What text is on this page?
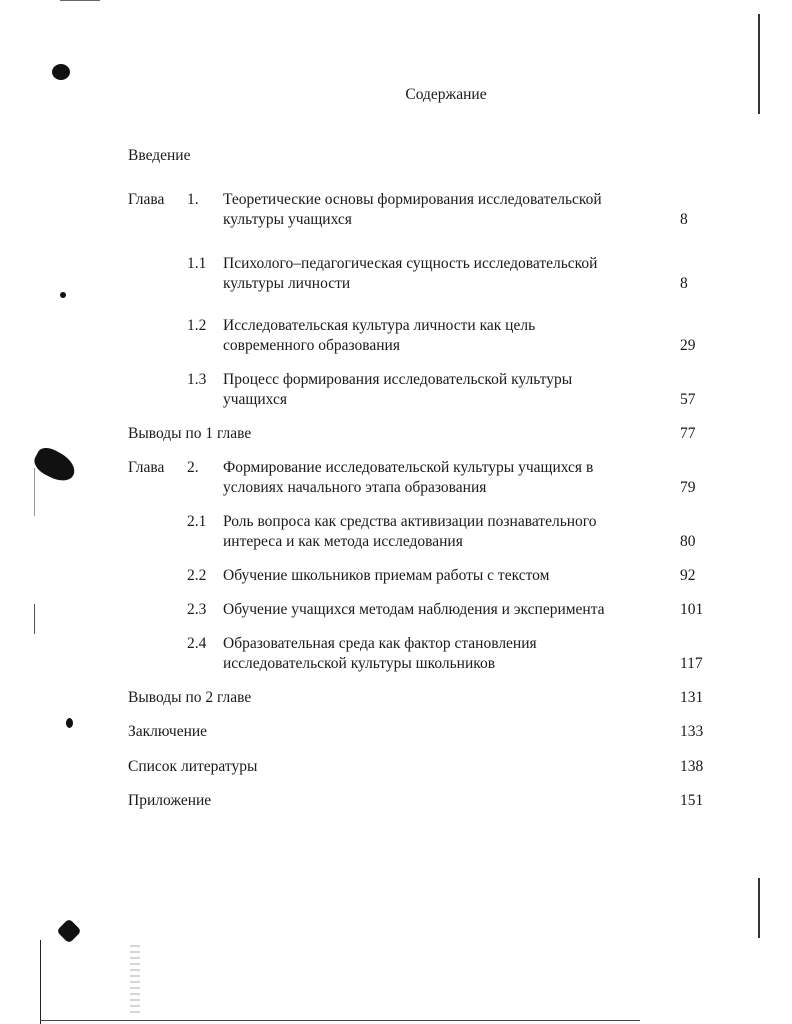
Содержание
Введение
Глава 1. Теоретические основы формирования исследовательской
культуры учащихся	8
1.1 Психолого–педагогическая сущность исследовательской
культуры личности	8
1.2 Исследовательская культура личности как цель
современного образования	29
1.3 Процесс формирования исследовательской культуры
учащихся	57
Выводы по 1 главе	77
Глава 2. Формирование исследовательской культуры учащихся в
условиях начального этапа образования	79
2.1 Роль вопроса как средства активизации познавательного
интереса и как метода исследования	80
2.2 Обучение школьников приемам работы с текстом	92
2.3 Обучение учащихся методам наблюдения и эксперимента	101
2.4 Образовательная среда как фактор становления
исследовательской культуры школьников	117
Выводы по 2 главе	131
Заключение	133
Список литературы	138
Приложение	151
